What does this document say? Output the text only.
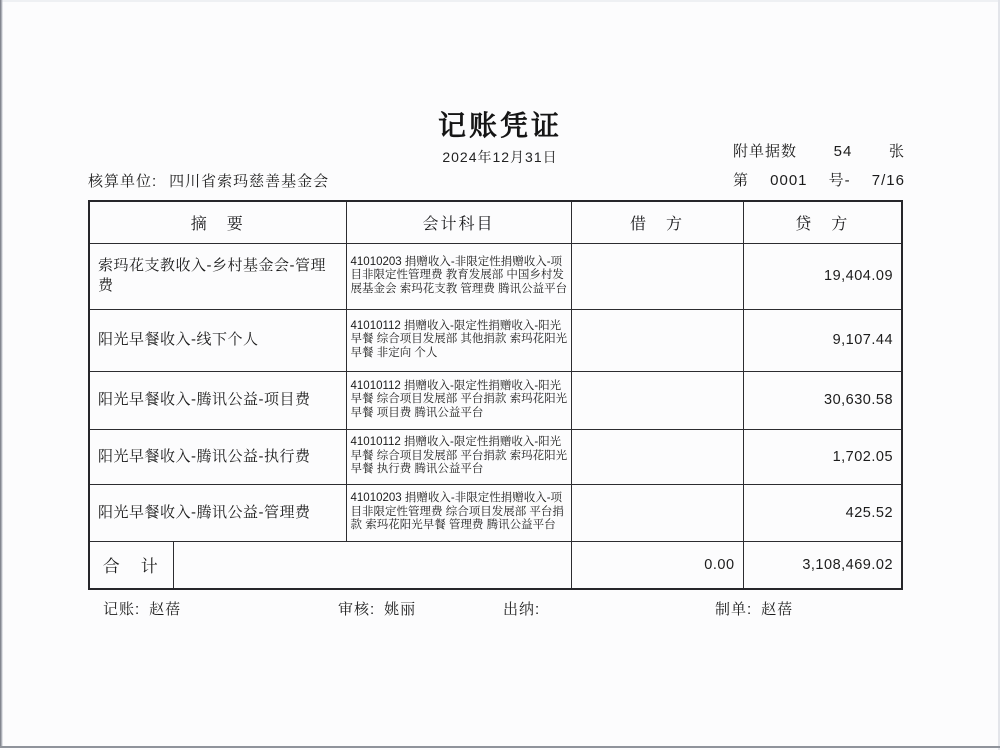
记账凭证
2024年12月31日	附单据数 54 张
第 0001 号- 7/16
核算单位: 四川省索玛慈善基金会
摘　要		会计科目	借　方	贷　方
索玛花支教收入-乡村基金会-管理费		41010203 捐赠收入-非限定性捐赠收入-项目非限定性管理费 教育发展部 中国乡村发展基金会 索玛花支教 管理费 腾讯公益平台		19,404.09
阳光早餐收入-线下个人		41010112 捐赠收入-限定性捐赠收入-阳光早餐 综合项目发展部 其他捐款 索玛花阳光早餐 非定向 个人		9,107.44
阳光早餐收入-腾讯公益-项目费		41010112 捐赠收入-限定性捐赠收入-阳光早餐 综合项目发展部 平台捐款 索玛花阳光早餐 项目费 腾讯公益平台		30,630.58
阳光早餐收入-腾讯公益-执行费		41010112 捐赠收入-限定性捐赠收入-阳光早餐 综合项目发展部 平台捐款 索玛花阳光早餐 执行费 腾讯公益平台		1,702.05
阳光早餐收入-腾讯公益-管理费		41010203 捐赠收入-非限定性捐赠收入-项目非限定性管理费 综合项目发展部 平台捐款 索玛花阳光早餐 管理费 腾讯公益平台		425.52
合　计			0.00	3,108,469.02
记账: 赵蓓	审核: 姚丽	出纳:	制单: 赵蓓
